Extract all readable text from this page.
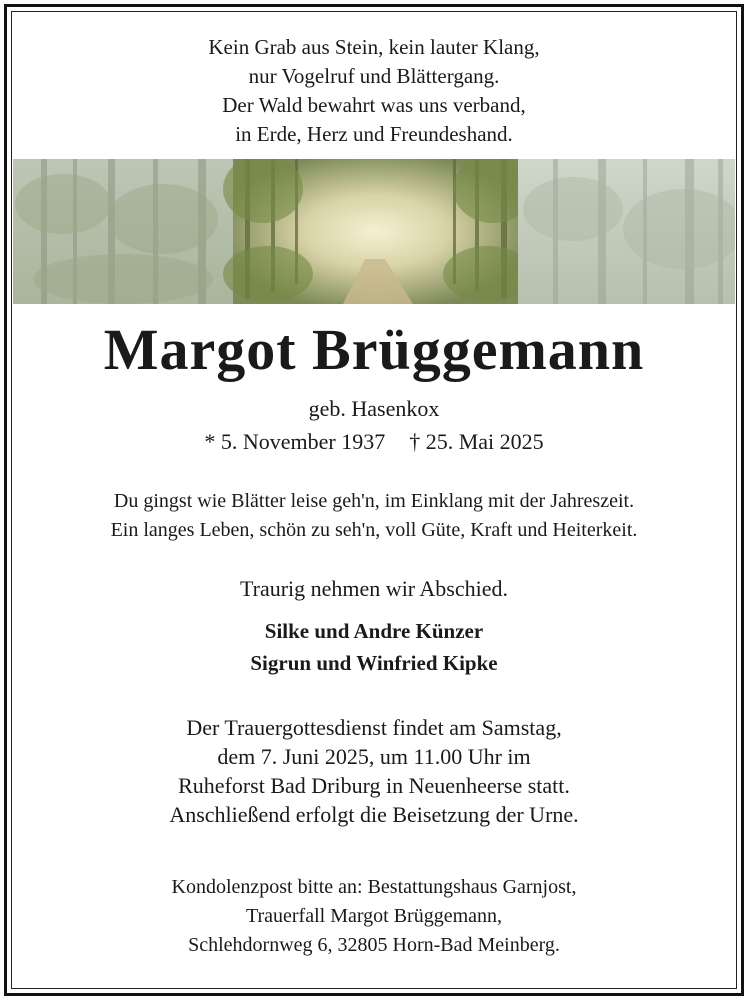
Kein Grab aus Stein, kein lauter Klang,
nur Vogelruf und Blättergang.
Der Wald bewahrt was uns verband,
in Erde, Herz und Freundeshand.
Margot Brüggemann
geb. Hasenkox
* 5. November 1937 † 25. Mai 2025
Du gingst wie Blätter leise geh'n, im Einklang mit der Jahreszeit.
Ein langes Leben, schön zu seh'n, voll Güte, Kraft und Heiterkeit.
Traurig nehmen wir Abschied.
Silke und Andre Künzer
Sigrun und Winfried Kipke
Der Trauergottesdienst findet am Samstag,
dem 7. Juni 2025, um 11.00 Uhr im
Ruheforst Bad Driburg in Neuenheerse statt.
Anschließend erfolgt die Beisetzung der Urne.
Kondolenzpost bitte an: Bestattungshaus Garnjost,
Trauerfall Margot Brüggemann,
Schlehdornweg 6, 32805 Horn-Bad Meinberg.
